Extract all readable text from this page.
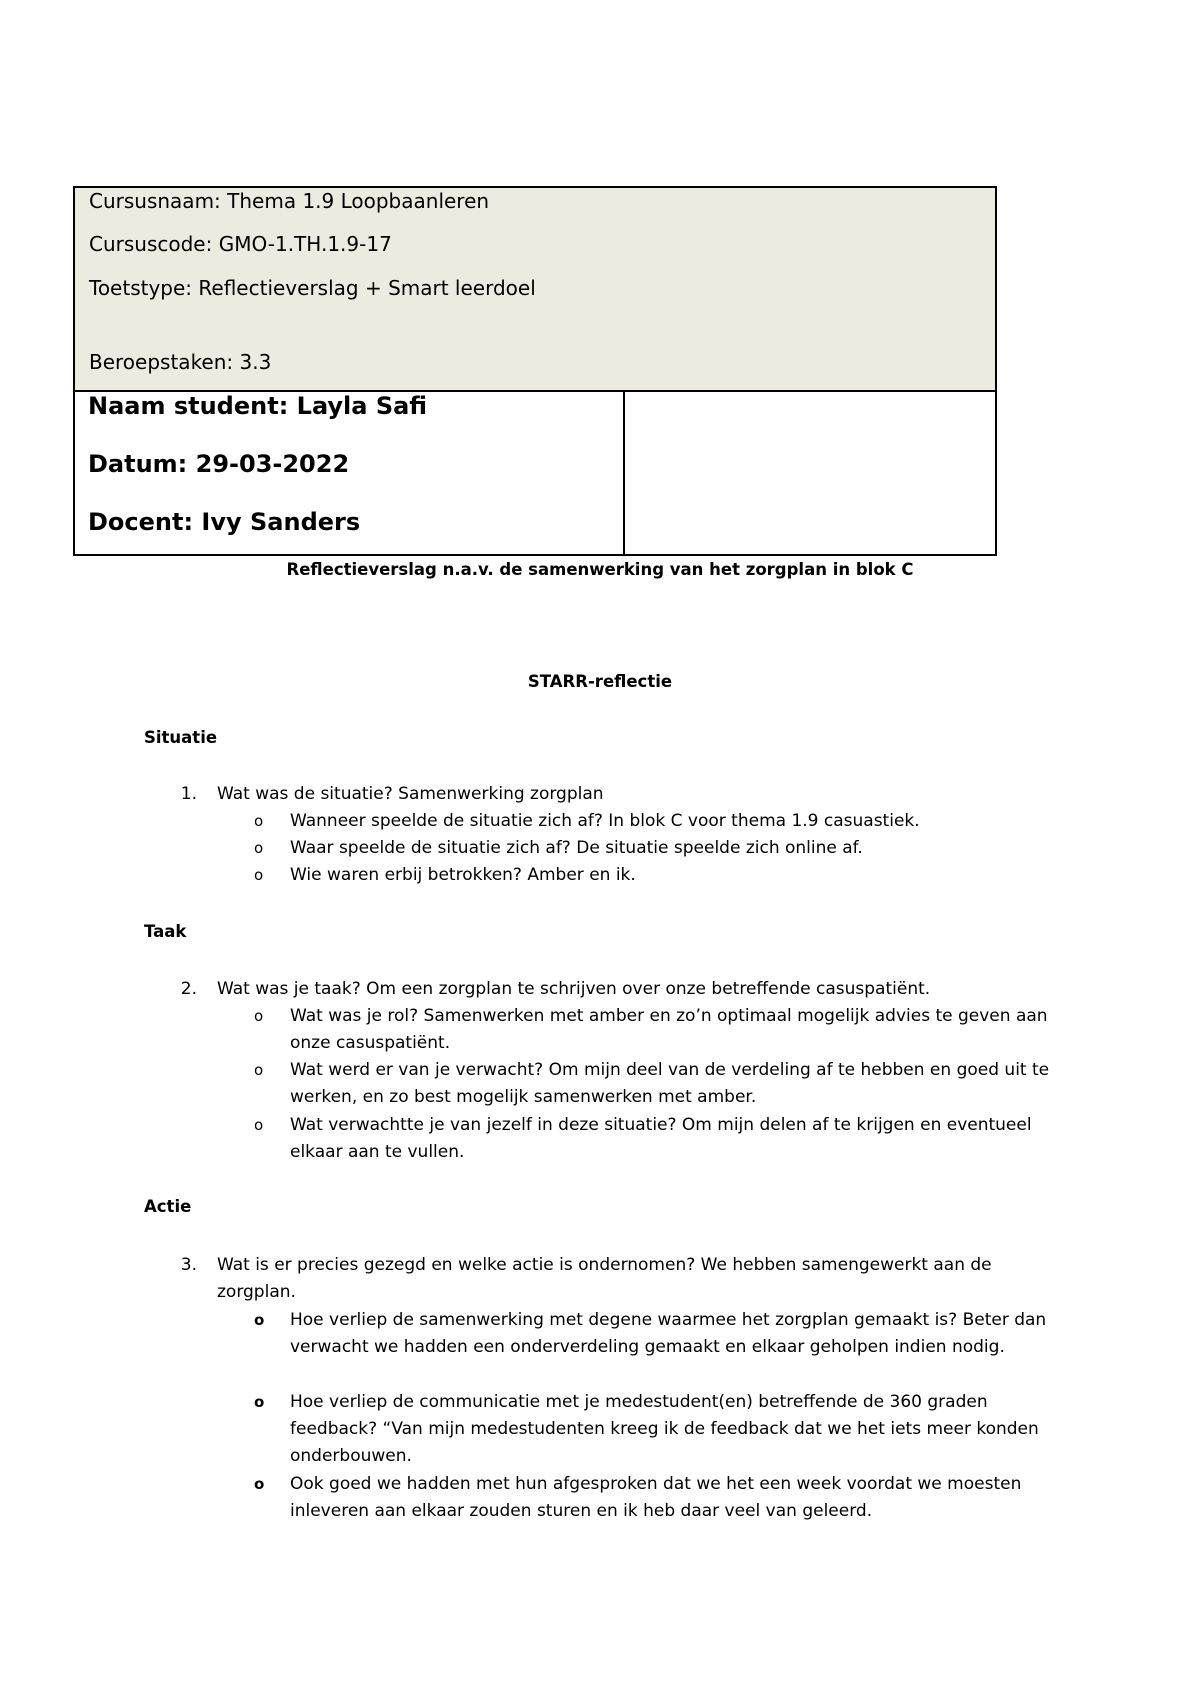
Cursusnaam: Thema 1.9 Loopbaanleren
Cursuscode: GMO-1.TH.1.9-17
Toetstype: Reflectieverslag + Smart leerdoel
Beroepstaken: 3.3
Naam student: Layla Safi
Datum: 29-03-2022
Docent: Ivy Sanders
Reflectieverslag n.a.v. de samenwerking van het zorgplan in blok C
STARR-reflectie
Situatie
1. Wat was de situatie? Samenwerking zorgplan
o Wanneer speelde de situatie zich af? In blok C voor thema 1.9 casuastiek.
o Waar speelde de situatie zich af? De situatie speelde zich online af.
o Wie waren erbij betrokken? Amber en ik.
Taak
2. Wat was je taak? Om een zorgplan te schrijven over onze betreffende casuspatiënt.
o Wat was je rol? Samenwerken met amber en zo’n optimaal mogelijk advies te geven aan onze casuspatiënt.
o Wat werd er van je verwacht? Om mijn deel van de verdeling af te hebben en goed uit te werken, en zo best mogelijk samenwerken met amber.
o Wat verwachtte je van jezelf in deze situatie? Om mijn delen af te krijgen en eventueel elkaar aan te vullen.
Actie
3. Wat is er precies gezegd en welke actie is ondernomen? We hebben samengewerkt aan de zorgplan.
o Hoe verliep de samenwerking met degene waarmee het zorgplan gemaakt is? Beter dan verwacht we hadden een onderverdeling gemaakt en elkaar geholpen indien nodig.
o Hoe verliep de communicatie met je medestudent(en) betreffende de 360 graden feedback? “Van mijn medestudenten kreeg ik de feedback dat we het iets meer konden onderbouwen.
o Ook goed we hadden met hun afgesproken dat we het een week voordat we moesten inleveren aan elkaar zouden sturen en ik heb daar veel van geleerd.
